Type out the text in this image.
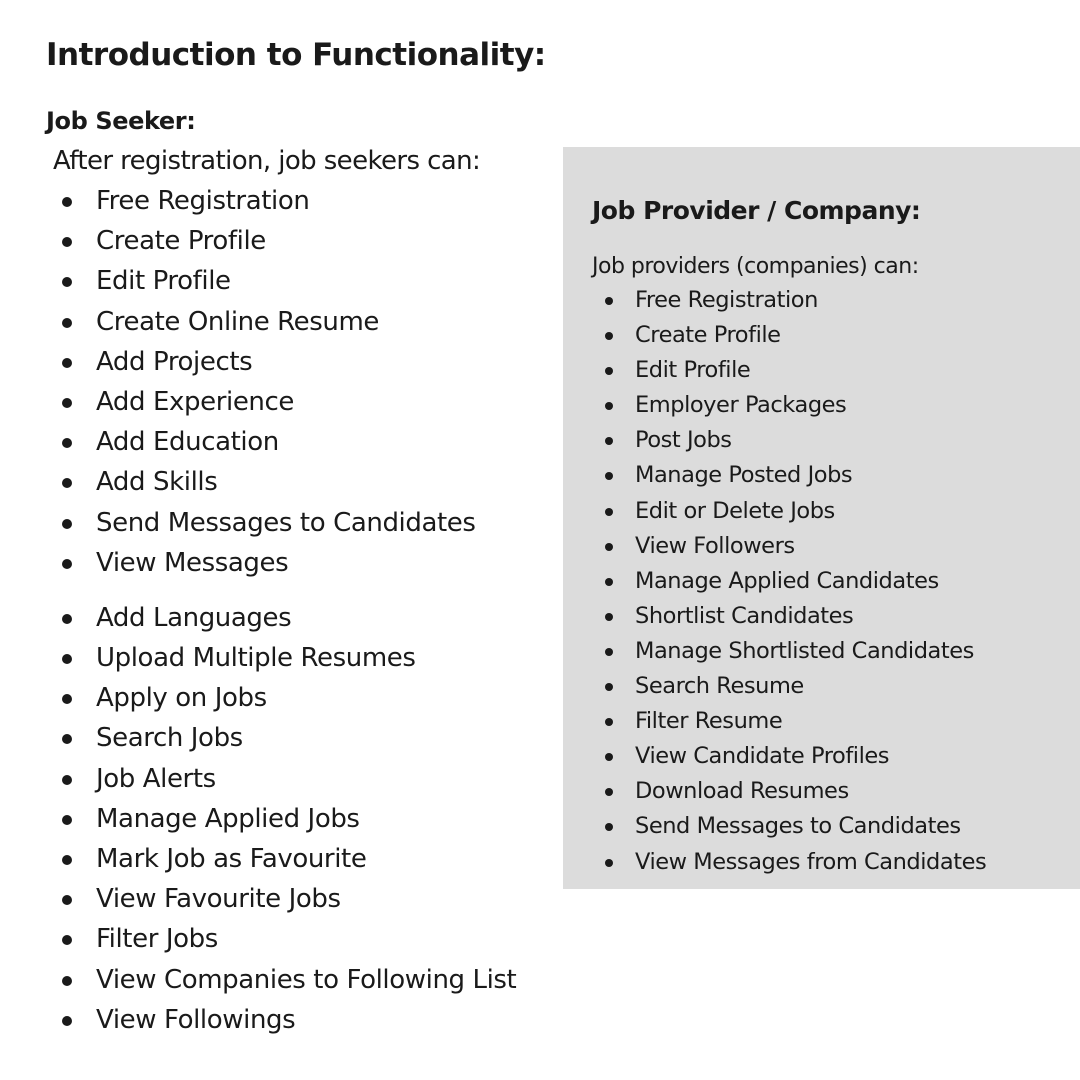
Introduction to Functionality:
Job Seeker:

After registration, job seekers can:

Free Registration
Create Profile
Edit Profile
Create Online Resume
Add Projects
Add Experience
Add Education
Add Skills
Send Messages to Candidates
View Messages
Add Languages
Upload Multiple Resumes
Apply on Jobs
Search Jobs
Job Alerts
Manage Applied Jobs
Mark Job as Favourite
View Favourite Jobs
Filter Jobs
View Companies to Following List
View Followings
Job Provider / Company:

Job providers (companies) can:

Free Registration
Create Profile
Edit Profile
Employer Packages
Post Jobs
Manage Posted Jobs
Edit or Delete Jobs
View Followers
Manage Applied Candidates
Shortlist Candidates
Manage Shortlisted Candidates
Search Resume
Filter Resume
View Candidate Profiles
Download Resumes
Send Messages to Candidates
View Messages from Candidates
